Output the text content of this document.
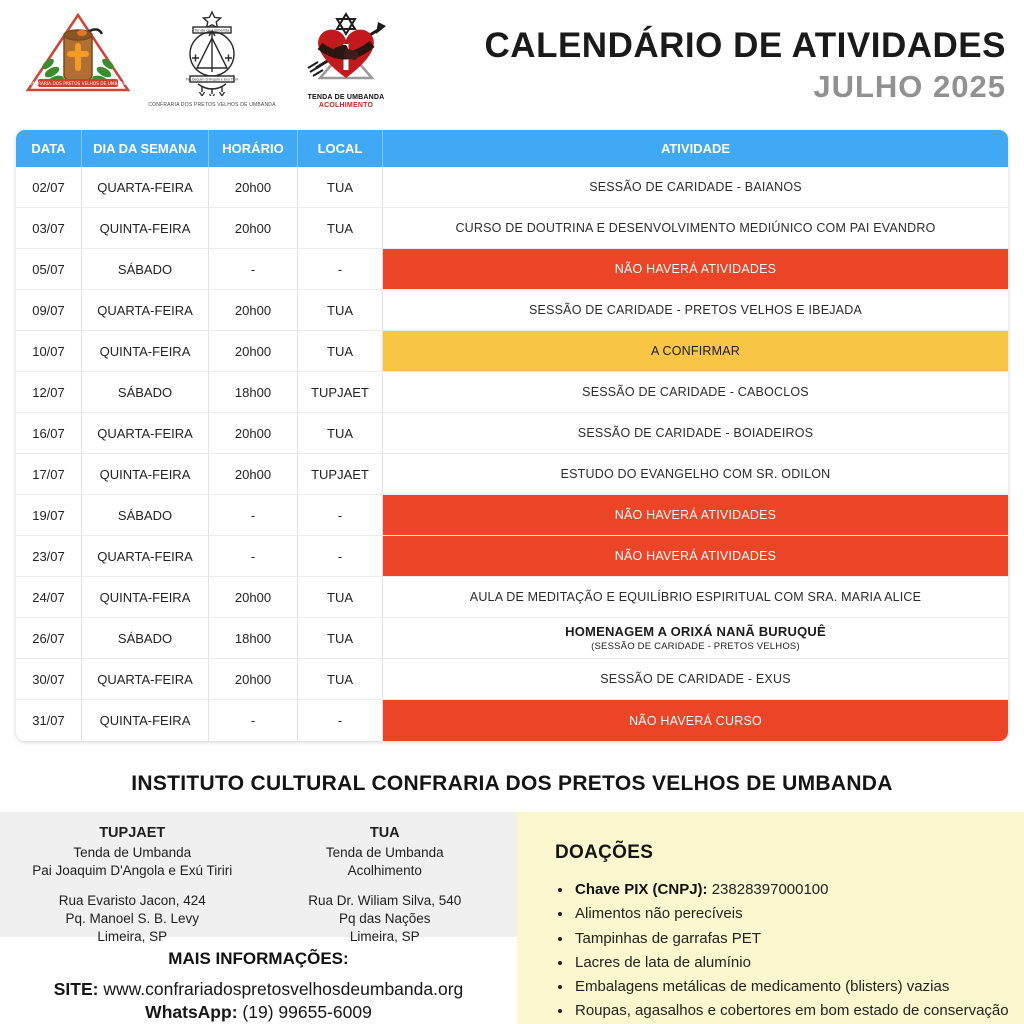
CONFRARIA DOS PRETOS VELHOS DE UMBANDA
Tenda de Umbanda
Pai Joaquim D'Angola e Exú Tiriri
CONFRARIA DOS PRETOS VELHOS DE UMBANDA
TENDA DE UMBANDA
ACOLHIMENTO
CALENDÁRIO DE ATIVIDADES
JULHO 2025
DATA	DIA DA SEMANA	HORÁRIO	LOCAL	ATIVIDADE
02/07	QUARTA-FEIRA	20h00	TUA	SESSÃO DE CARIDADE - BAIANOS
03/07	QUINTA-FEIRA	20h00	TUA	CURSO DE DOUTRINA E DESENVOLVIMENTO MEDIÚNICO COM PAI EVANDRO
05/07	SÁBADO	-	-	NÃO HAVERÁ ATIVIDADES
09/07	QUARTA-FEIRA	20h00	TUA	SESSÃO DE CARIDADE - PRETOS VELHOS E IBEJADA
10/07	QUINTA-FEIRA	20h00	TUA	A CONFIRMAR
12/07	SÁBADO	18h00	TUPJAET	SESSÃO DE CARIDADE - CABOCLOS
16/07	QUARTA-FEIRA	20h00	TUA	SESSÃO DE CARIDADE - BOIADEIROS
17/07	QUINTA-FEIRA	20h00	TUPJAET	ESTUDO DO EVANGELHO COM SR. ODILON
19/07	SÁBADO	-	-	NÃO HAVERÁ ATIVIDADES
23/07	QUARTA-FEIRA	-	-	NÃO HAVERÁ ATIVIDADES
24/07	QUINTA-FEIRA	20h00	TUA	AULA DE MEDITAÇÃO E EQUILÍBRIO ESPIRITUAL COM SRA. MARIA ALICE
26/07	SÁBADO	18h00	TUA	HOMENAGEM A ORIXÁ NANÃ BURUQUÊ
(SESSÃO DE CARIDADE - PRETOS VELHOS)
30/07	QUARTA-FEIRA	20h00	TUA	SESSÃO DE CARIDADE - EXUS
31/07	QUINTA-FEIRA	-	-	NÃO HAVERÁ CURSO
INSTITUTO CULTURAL CONFRARIA DOS PRETOS VELHOS DE UMBANDA
TUPJAET
Tenda de Umbanda
Pai Joaquim D'Angola e Exú Tiriri
Rua Evaristo Jacon, 424
Pq. Manoel S. B. Levy
Limeira, SP
TUA
Tenda de Umbanda
Acolhimento
Rua Dr. Wiliam Silva, 540
Pq das Nações
Limeira, SP
MAIS INFORMAÇÕES:
SITE: www.confrariadospretosvelhosdeumbanda.org
WhatsApp: (19) 99655-6009
DOAÇÕES
• Chave PIX (CNPJ): 23828397000100
• Alimentos não perecíveis
• Tampinhas de garrafas PET
• Lacres de lata de alumínio
• Embalagens metálicas de medicamento (blisters) vazias
• Roupas, agasalhos e cobertores em bom estado de conservação
